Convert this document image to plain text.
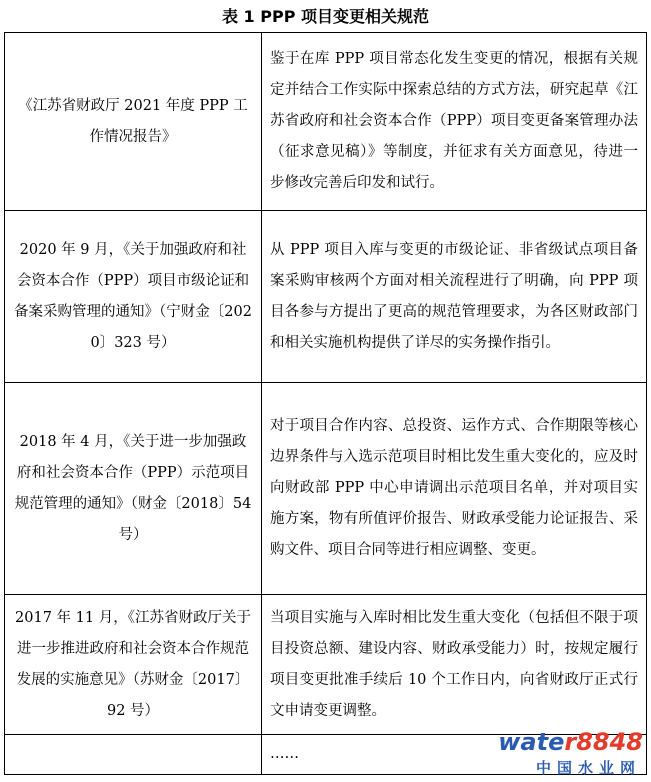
表 1 PPP 项目变更相关规范
《江苏省财政厅 2021 年度 PPP 工作情况报告》	鉴于在库 PPP 项目常态化发生变更的情况，根据有关规定并结合工作实际中探索总结的方式方法，研究起草《江苏省政府和社会资本合作（PPP）项目变更备案管理办法（征求意见稿）》等制度，并征求有关方面意见，待进一步修改完善后印发和试行。
2020 年 9 月，《关于加强政府和社会资本合作（PPP）项目市级论证和备案采购管理的通知》（宁财金〔2020〕323 号）	从 PPP 项目入库与变更的市级论证、非省级试点项目备案采购审核两个方面对相关流程进行了明确，向 PPP 项目各参与方提出了更高的规范管理要求，为各区财政部门和相关实施机构提供了详尽的实务操作指引。
2018 年 4 月，《关于进一步加强政府和社会资本合作（PPP）示范项目规范管理的通知》（财金〔2018〕54 号）	对于项目合作内容、总投资、运作方式、合作期限等核心边界条件与入选示范项目时相比发生重大变化的，应及时向财政部 PPP 中心申请调出示范项目名单，并对项目实施方案，物有所值评价报告、财政承受能力论证报告、采购文件、项目合同等进行相应调整、变更。
2017 年 11 月，《江苏省财政厅关于进一步推进政府和社会资本合作规范发展的实施意见》（苏财金〔2017〕92 号）	当项目实施与入库时相比发生重大变化（包括但不限于项目投资总额、建设内容、财政承受能力）时，按规定履行项目变更批准手续后 10 个工作日内，向省财政厅正式行文申请变更调整。
	……	water8848
中国水业网
